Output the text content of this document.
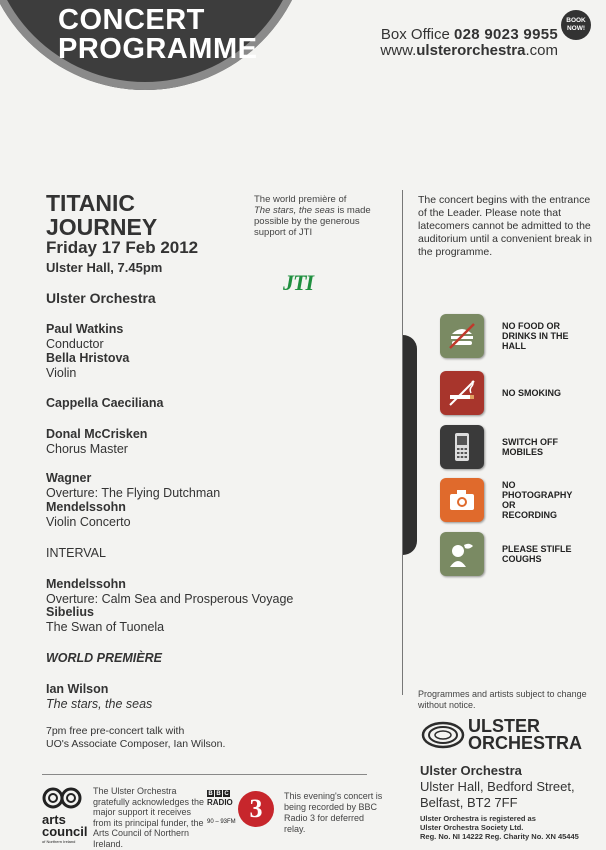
CONCERT
PROGRAMME	Box Office 028 9023 9955
www.ulsterorchestra.com
BOOK
NOW!
TITANIC
JOURNEY
Friday 17 Feb 2012
Ulster Hall, 7.45pm
Ulster Orchestra
The world première of
The stars, the seas is made possible by the generous support of JTI
JTI
Paul Watkins
Conductor
Bella Hristova
Violin
Cappella Caeciliana
Donal McCrisken
Chorus Master
Wagner
Overture: The Flying Dutchman
Mendelssohn
Violin Concerto
INTERVAL
Mendelssohn
Overture: Calm Sea and Prosperous Voyage
Sibelius
The Swan of Tuonela
WORLD PREMIÈRE
Ian Wilson
The stars, the seas
7pm free pre-concert talk with
UO's Associate Composer, Ian Wilson.
The concert begins with the entrance of the Leader. Please note that latecomers cannot be admitted to the auditorium until a convenient break in the programme.
NO FOOD OR DRINKS IN THE HALL
NO SMOKING
SWITCH OFF MOBILES
NO PHOTOGRAPHY OR RECORDING
PLEASE STIFLE COUGHS
Programmes and artists subject to change without notice.
ULSTER
ORCHESTRA
Ulster Orchestra
Ulster Hall, Bedford Street,
Belfast, BT2 7FF
Ulster Orchestra is registered as
Ulster Orchestra Society Ltd.
Reg. No. NI 14222 Reg. Charity No. XN 45445
arts council
of Northern Ireland
The Ulster Orchestra gratefully acknowledges the major support it receives from its principal funder, the Arts Council of Northern Ireland.
B B C
RADIO
90 – 93FM 3	This evening's concert is being recorded by BBC Radio 3 for deferred relay.
